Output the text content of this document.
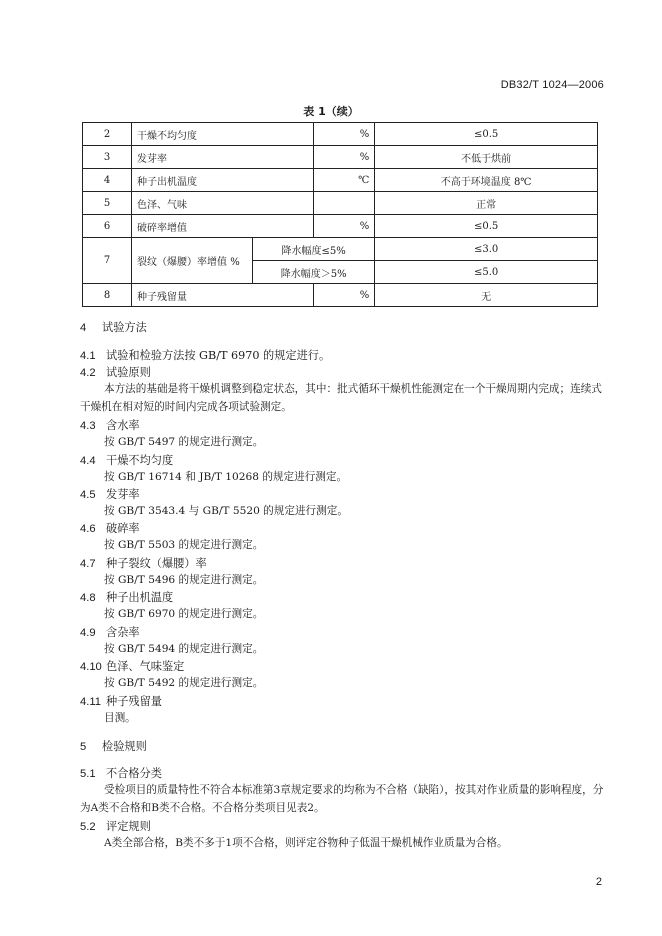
DB32/T 1024—2006
表 1（续）
2	干燥不均匀度		%	≤0.5
3	发芽率		%	不低于烘前
4	种子出机温度		℃	不高于环境温度 8℃
5	色泽、气味			正常
6	破碎率增值		%	≤0.5
7	裂纹（爆腰）率增值 %	降水幅度≤5%		≤3.0
		降水幅度＞5%		≤5.0
8	种子残留量		%	无
4 试验方法
4.1 试验和检验方法按 GB/T 6970 的规定进行。
4.2 试验原则
本方法的基础是将干燥机调整到稳定状态，其中：批式循环干燥机性能测定在一个干燥周期内完成；连续式干燥机在相对短的时间内完成各项试验测定。
4.3 含水率
按 GB/T 5497 的规定进行测定。
4.4 干燥不均匀度
按 GB/T 16714 和 JB/T 10268 的规定进行测定。
4.5 发芽率
按 GB/T 3543.4 与 GB/T 5520 的规定进行测定。
4.6 破碎率
按 GB/T 5503 的规定进行测定。
4.7 种子裂纹（爆腰）率
按 GB/T 5496 的规定进行测定。
4.8 种子出机温度
按 GB/T 6970 的规定进行测定。
4.9 含杂率
按 GB/T 5494 的规定进行测定。
4.10 色泽、气味鉴定
按 GB/T 5492 的规定进行测定。
4.11 种子残留量
目测。
5 检验规则
5.1 不合格分类
受检项目的质量特性不符合本标准第3章规定要求的均称为不合格（缺陷），按其对作业质量的影响程度，分为A类不合格和B类不合格。不合格分类项目见表2。
5.2 评定规则
A类全部合格，B类不多于1项不合格，则评定谷物种子低温干燥机械作业质量为合格。
2
